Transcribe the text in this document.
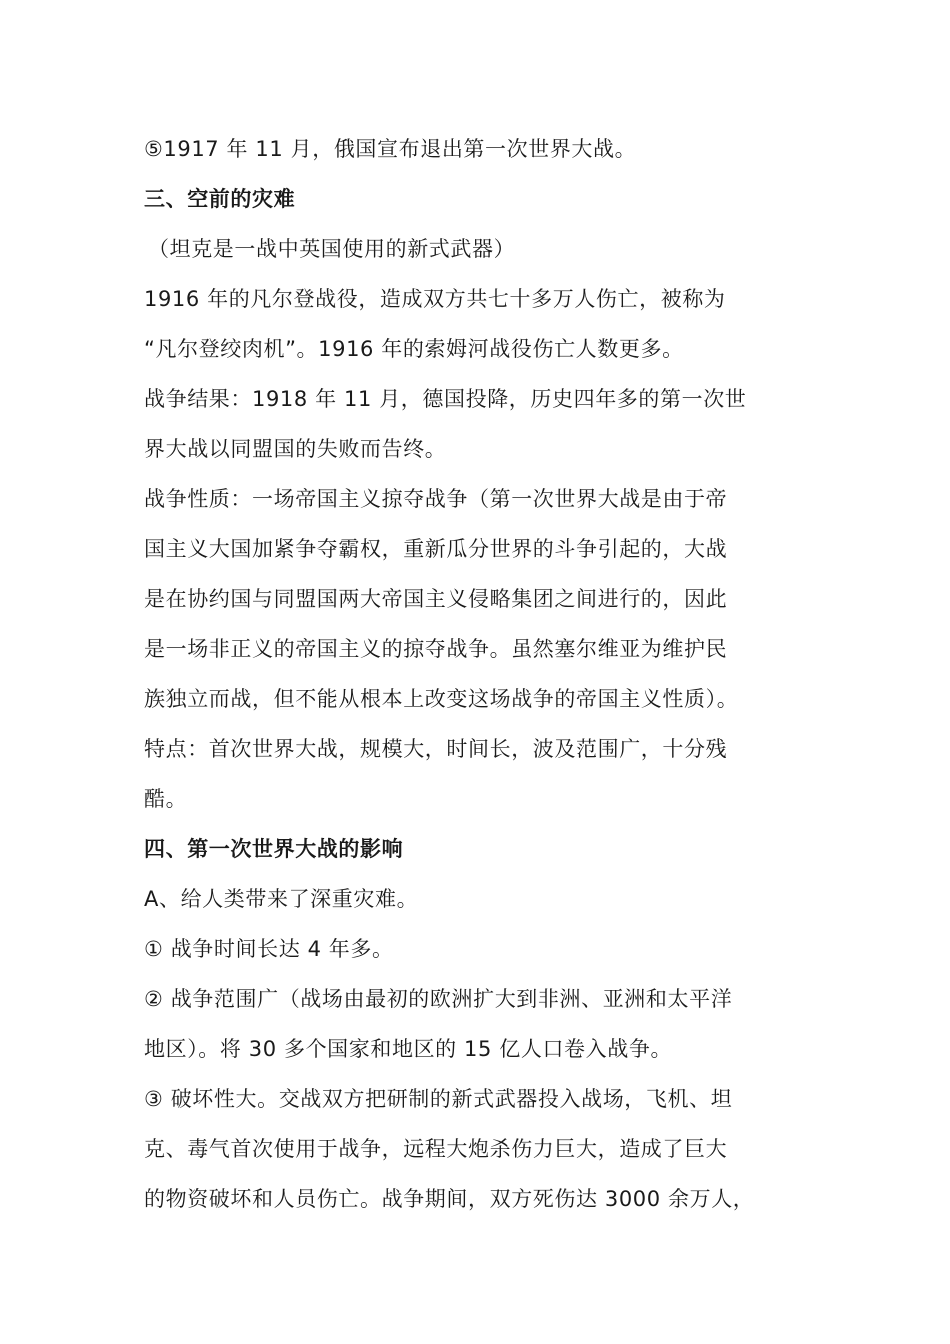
⑤1917 年 11 月，俄国宣布退出第一次世界大战。
三、空前的灾难
（坦克是一战中英国使用的新式武器）
1916 年的凡尔登战役，造成双方共七十多万人伤亡，被称为
“凡尔登绞肉机”。1916 年的索姆河战役伤亡人数更多。
战争结果：1918 年 11 月，德国投降，历史四年多的第一次世
界大战以同盟国的失败而告终。
战争性质：一场帝国主义掠夺战争（第一次世界大战是由于帝
国主义大国加紧争夺霸权，重新瓜分世界的斗争引起的，大战
是在协约国与同盟国两大帝国主义侵略集团之间进行的，因此
是一场非正义的帝国主义的掠夺战争。虽然塞尔维亚为维护民
族独立而战，但不能从根本上改变这场战争的帝国主义性质）。
特点：首次世界大战，规模大，时间长，波及范围广，十分残
酷。
四、第一次世界大战的影响
A、给人类带来了深重灾难。
① 战争时间长达 4 年多。
② 战争范围广（战场由最初的欧洲扩大到非洲、亚洲和太平洋
地区）。将 30 多个国家和地区的 15 亿人口卷入战争。
③ 破坏性大。交战双方把研制的新式武器投入战场，飞机、坦
克、毒气首次使用于战争，远程大炮杀伤力巨大，造成了巨大
的物资破坏和人员伤亡。战争期间，双方死伤达 3000 余万人，
